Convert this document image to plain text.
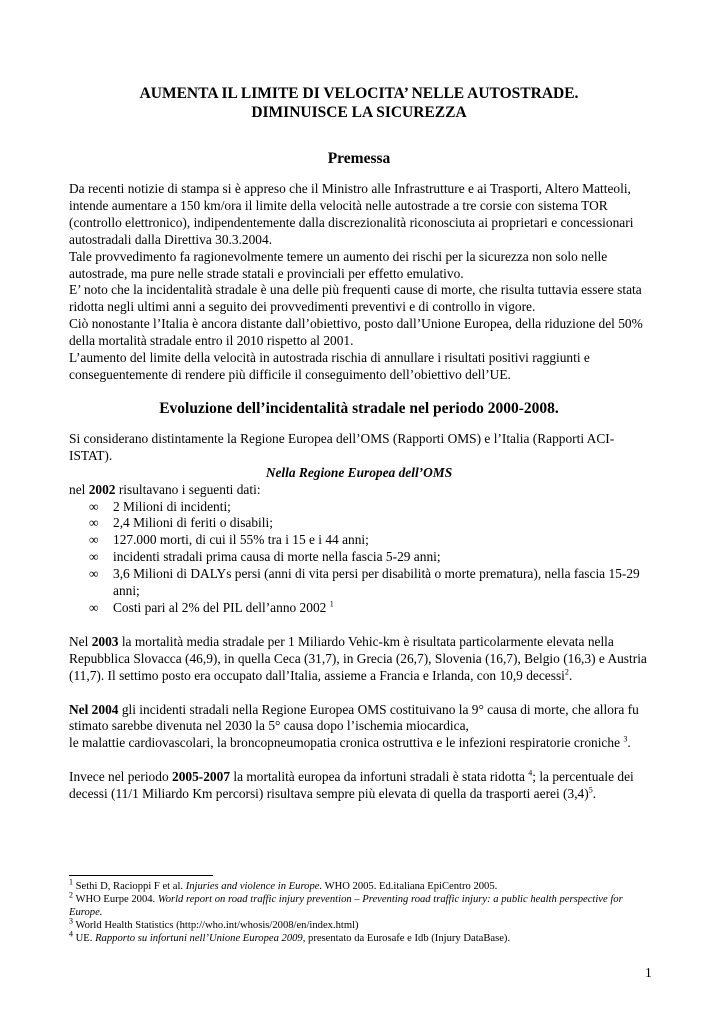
AUMENTA IL LIMITE DI VELOCITA’ NELLE AUTOSTRADE.
DIMINUISCE LA SICUREZZA

Premessa

Da recenti notizie di stampa si è appreso che il Ministro alle Infrastrutture e ai Trasporti, Altero Matteoli, intende aumentare a 150 km/ora il limite della velocità nelle autostrade a tre corsie con sistema TOR (controllo elettronico), indipendentemente dalla discrezionalità riconosciuta ai proprietari e concessionari autostradali dalla Direttiva 30.3.2004.

Tale provvedimento fa ragionevolmente temere un aumento dei rischi per la sicurezza non solo nelle autostrade, ma pure nelle strade statali e provinciali per effetto emulativo.

E’ noto che la incidentalità stradale è una delle più frequenti cause di morte, che risulta tuttavia essere stata ridotta negli ultimi anni a seguito dei provvedimenti preventivi e di controllo in vigore.

Ciò nonostante l’Italia è ancora distante dall’obiettivo, posto dall’Unione Europea, della riduzione del 50% della mortalità stradale entro il 2010 rispetto al 2001.

L’aumento del limite della velocità in autostrada rischia di annullare i risultati positivi raggiunti e conseguentemente di rendere più difficile il conseguimento dell’obiettivo dell’UE.

Evoluzione dell’incidentalità stradale nel periodo 2000-2008.

Si considerano distintamente la Regione Europea dell’OMS (Rapporti OMS) e l’Italia (Rapporti ACI-ISTAT).

Nella Regione Europea dell’OMS

nel 2002 risultavano i seguenti dati:

∞ 2 Milioni di incidenti;
∞ 2,4 Milioni di feriti o disabili;
∞ 127.000 morti, di cui il 55% tra i 15 e i 44 anni;
∞ incidenti stradali prima causa di morte nella fascia 5-29 anni;
∞ 3,6 Milioni di DALYs persi (anni di vita persi per disabilità o morte prematura), nella fascia 15-29 anni;
∞ Costi pari al 2% del PIL dell’anno 2002 $^1$

Nel 2003 la mortalità media stradale per 1 Miliardo Vehic-km è risultata particolarmente elevata nella Repubblica Slovacca (46,9), in quella Ceca (31,7), in Grecia (26,7), Slovenia (16,7), Belgio (16,3) e Austria (11,7). Il settimo posto era occupato dall’Italia, assieme a Francia e Irlanda, con 10,9 decessi$^2$.

Nel 2004 gli incidenti stradali nella Regione Europea OMS costituivano la 9° causa di morte, che allora fu stimato sarebbe divenuta nel 2030 la 5° causa dopo l’ischemia miocardica,
le malattie cardiovascolari, la broncopneumopatia cronica ostruttiva e le infezioni respiratorie croniche $^3$.

Invece nel periodo 2005-2007 la mortalità europea da infortuni stradali è stata ridotta $^4$; la percentuale dei decessi (11/1 Miliardo Km percorsi) risultava sempre più elevata di quella da trasporti aerei $(3,4)^5$.

$^1$ Sethi D, Racioppi F et al. Injuries and violence in Europe. WHO 2005. Ed.italiana EpiCentro 2005.

$^2$ WHO Eurpe 2004. World report on road traffic injury prevention – Preventing road traffic injury: a public health perspective for Europe.

$^3$ World Health Statistics (http://who.int/whosis/2008/en/index.html)

$^4$ UE. Rapporto su infortuni nell’Unione Europea 2009, presentato da Eurosafe e Idb (Injury DataBase).

1
